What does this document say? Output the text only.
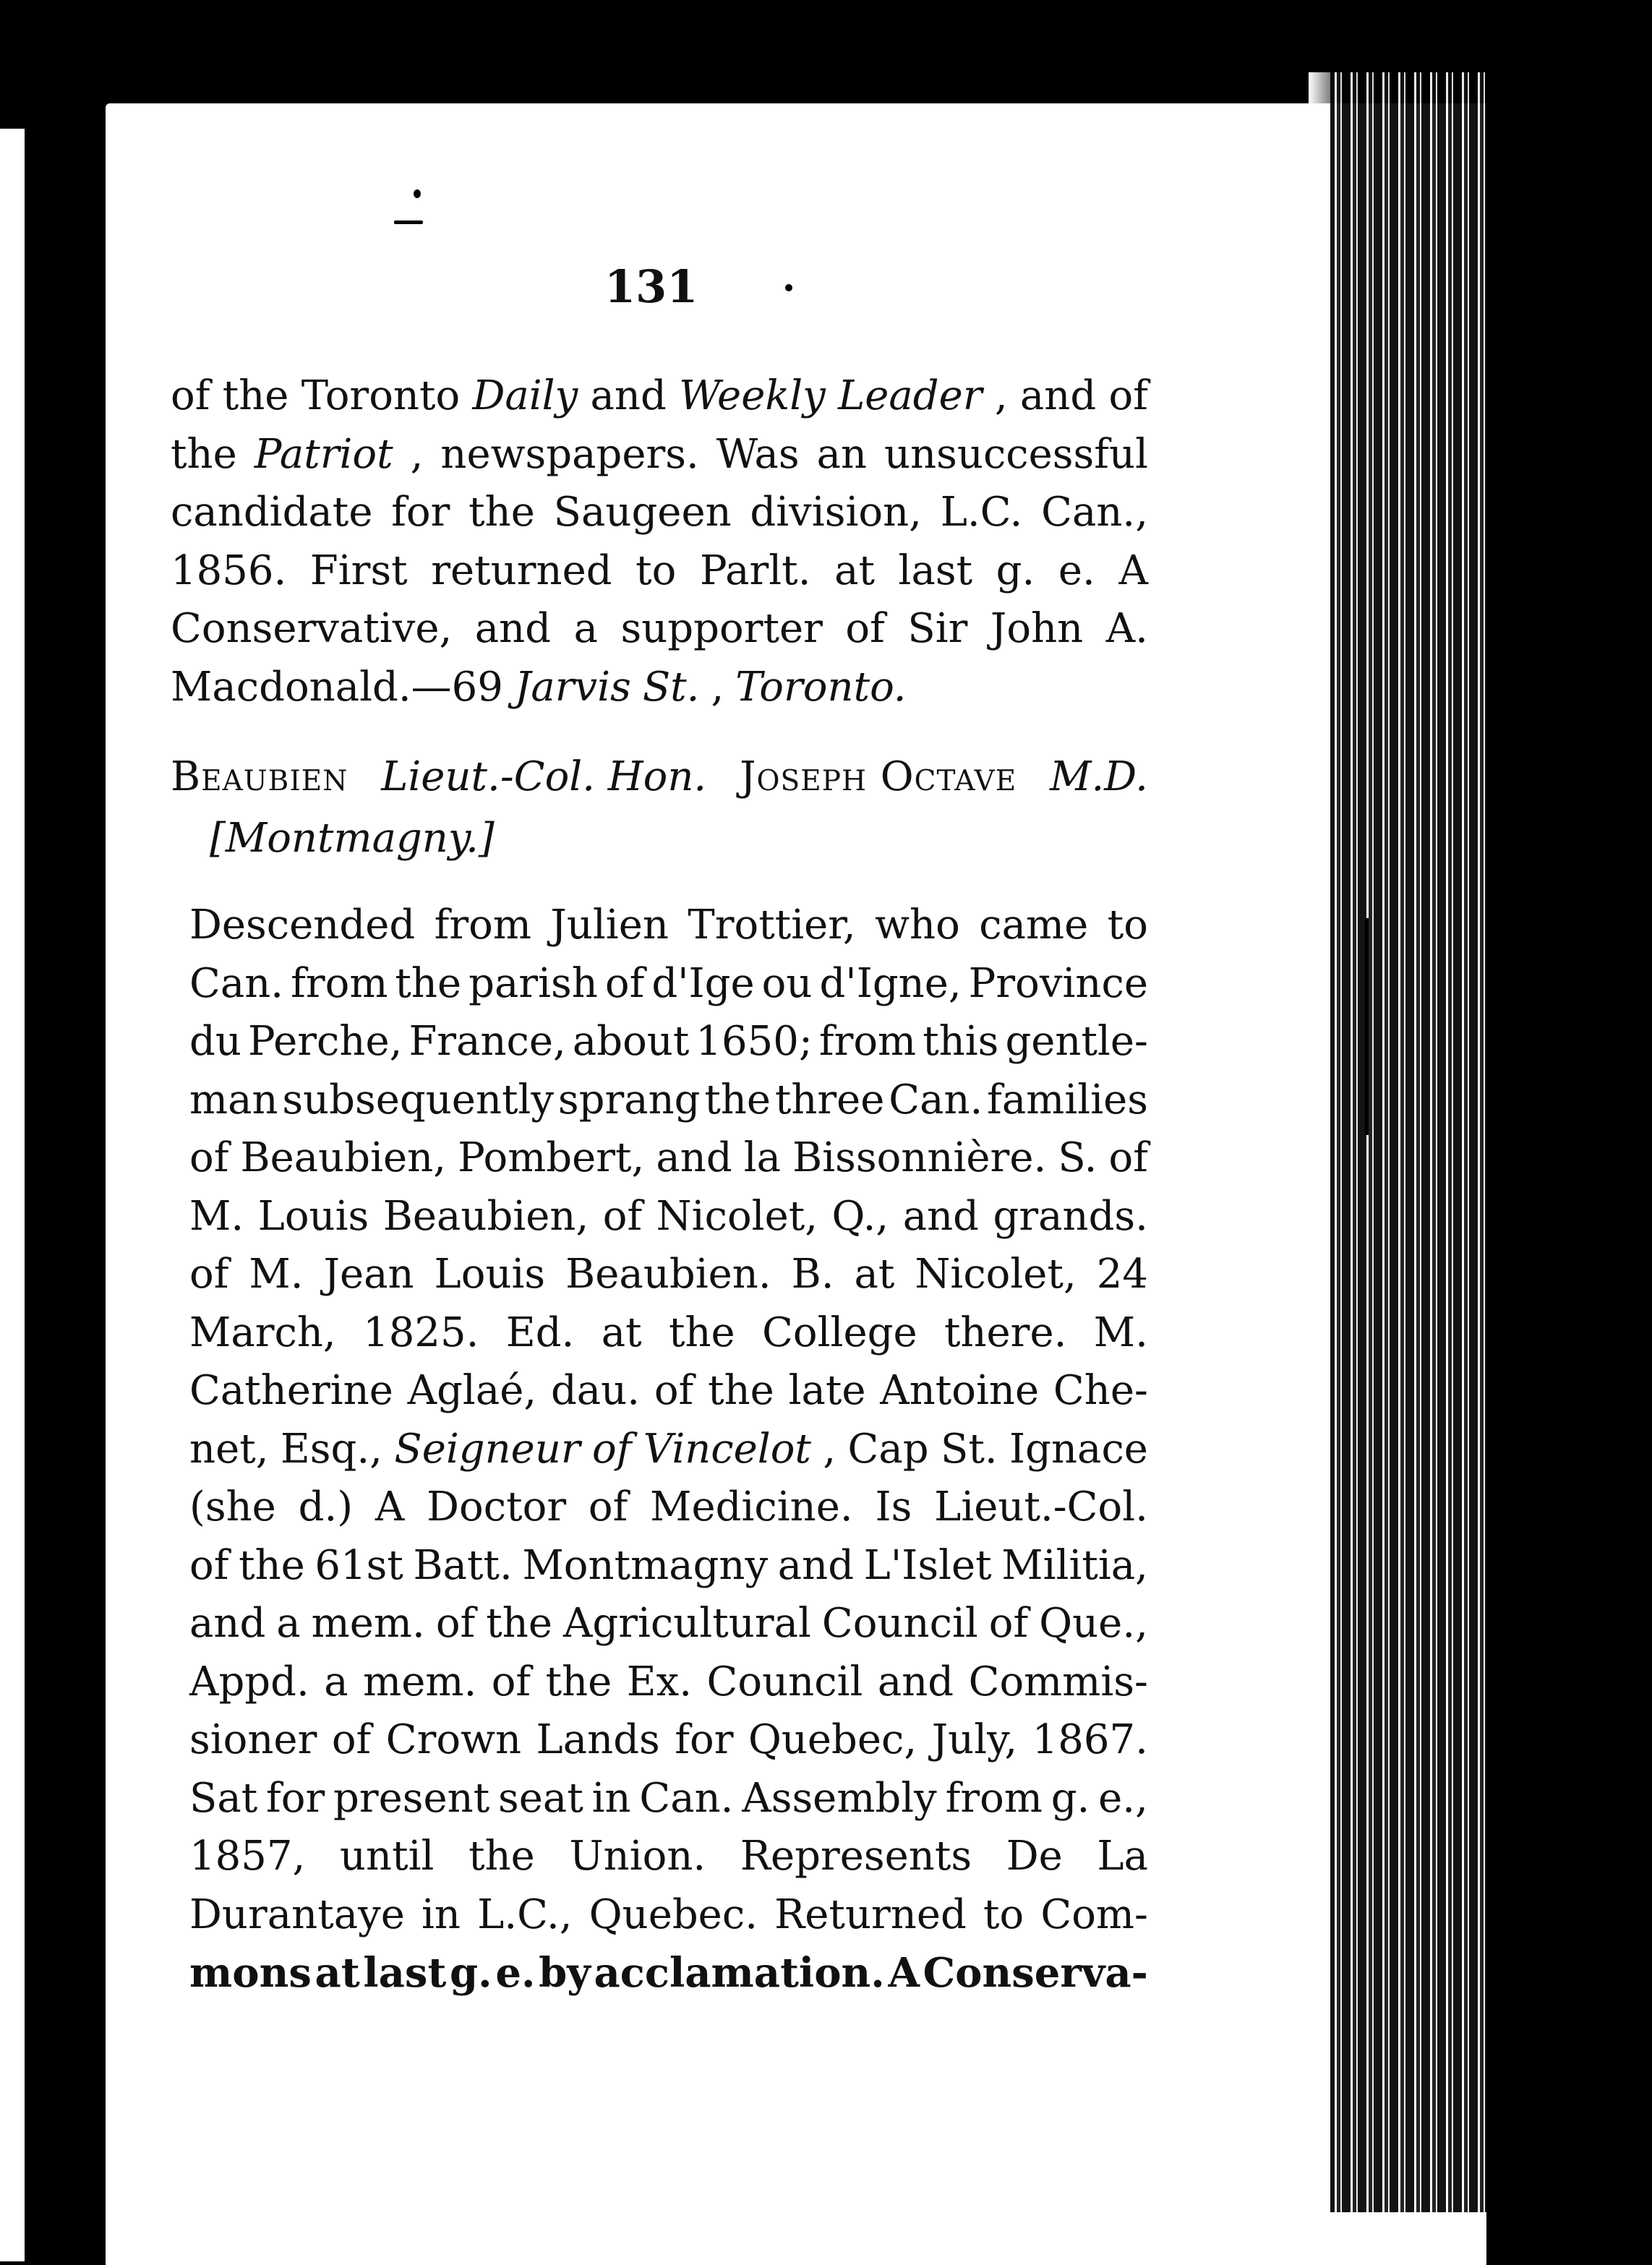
131
of the Toronto Daily and Weekly Leader , and of
the Patriot , newspapers. Was an unsuccessful
candidate for the Saugeen division, L.C. Can.,
1856. First returned to Parlt. at last g. e. A
Conservative, and a supporter of Sir John A.
Macdonald.—69 Jarvis St. , Toronto.
Beaubien Lieut.-Col. Hon. Joseph Octave M.D.
[Montmagny.]
Descended from Julien Trottier, who came to
Can. from the parish of d'Ige ou d'Igne, Province
du Perche, France, about 1650; from this gentle-
man subsequently sprang the three Can. families
of Beaubien, Pombert, and la Bissonnière. S. of
M. Louis Beaubien, of Nicolet, Q., and grands.
of M. Jean Louis Beaubien. B. at Nicolet, 24
March, 1825. Ed. at the College there. M.
Catherine Aglaé, dau. of the late Antoine Che-
net, Esq., Seigneur of Vincelot , Cap St. Ignace
(she d.) A Doctor of Medicine. Is Lieut.-Col.
of the 61st Batt. Montmagny and L'Islet Militia,
and a mem. of the Agricultural Council of Que.,
Appd. a mem. of the Ex. Council and Commis-
sioner of Crown Lands for Quebec, July, 1867.
Sat for present seat in Can. Assembly from g. e.,
1857, until the Union. Represents De La
Durantaye in L.C., Quebec. Returned to Com-
mons at last g. e. by acclamation. A Conserva-
